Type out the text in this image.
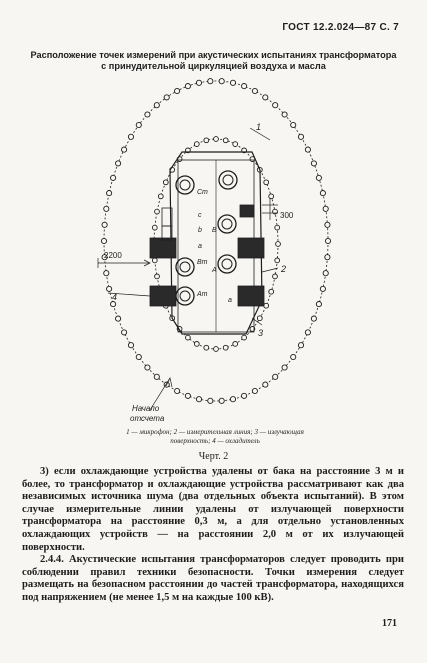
ГОСТ 12.2.024—87 С. 7
Расположение точек измерений при акустических испытаниях трансформатора
с принудительной циркуляцией воздуха и масла
300
2200
1
2
3
4
Cm
c
b
a
Bm
Am
B
A
a
Начало
отсчета
1 — микрофон; 2 — измерительная линия; 3 — излучающая
поверхность; 4 — охладитель
Черт. 2

3) если охлаждающие устройства удалены от бака на расстояние 3 м и более, то трансформатор и охлаждающие устройства рассматривают как два независимых источника шума (два отдельных объекта испытаний). В этом случае измерительные линии удалены от излучающей поверхности трансформатора на расстояние 0,3 м, а для отдельно установленных охлаждающих устройств — на расстоянии 2,0 м от их излучающей поверхности.

2.4.4. Акустические испытания трансформаторов следует проводить при соблюдении правил техники безопасности. Точки измерения следует размещать на безопасном расстоянии до частей трансформатора, находящихся под напряжением (не менее 1,5 м на каждые 100 кВ).

171
